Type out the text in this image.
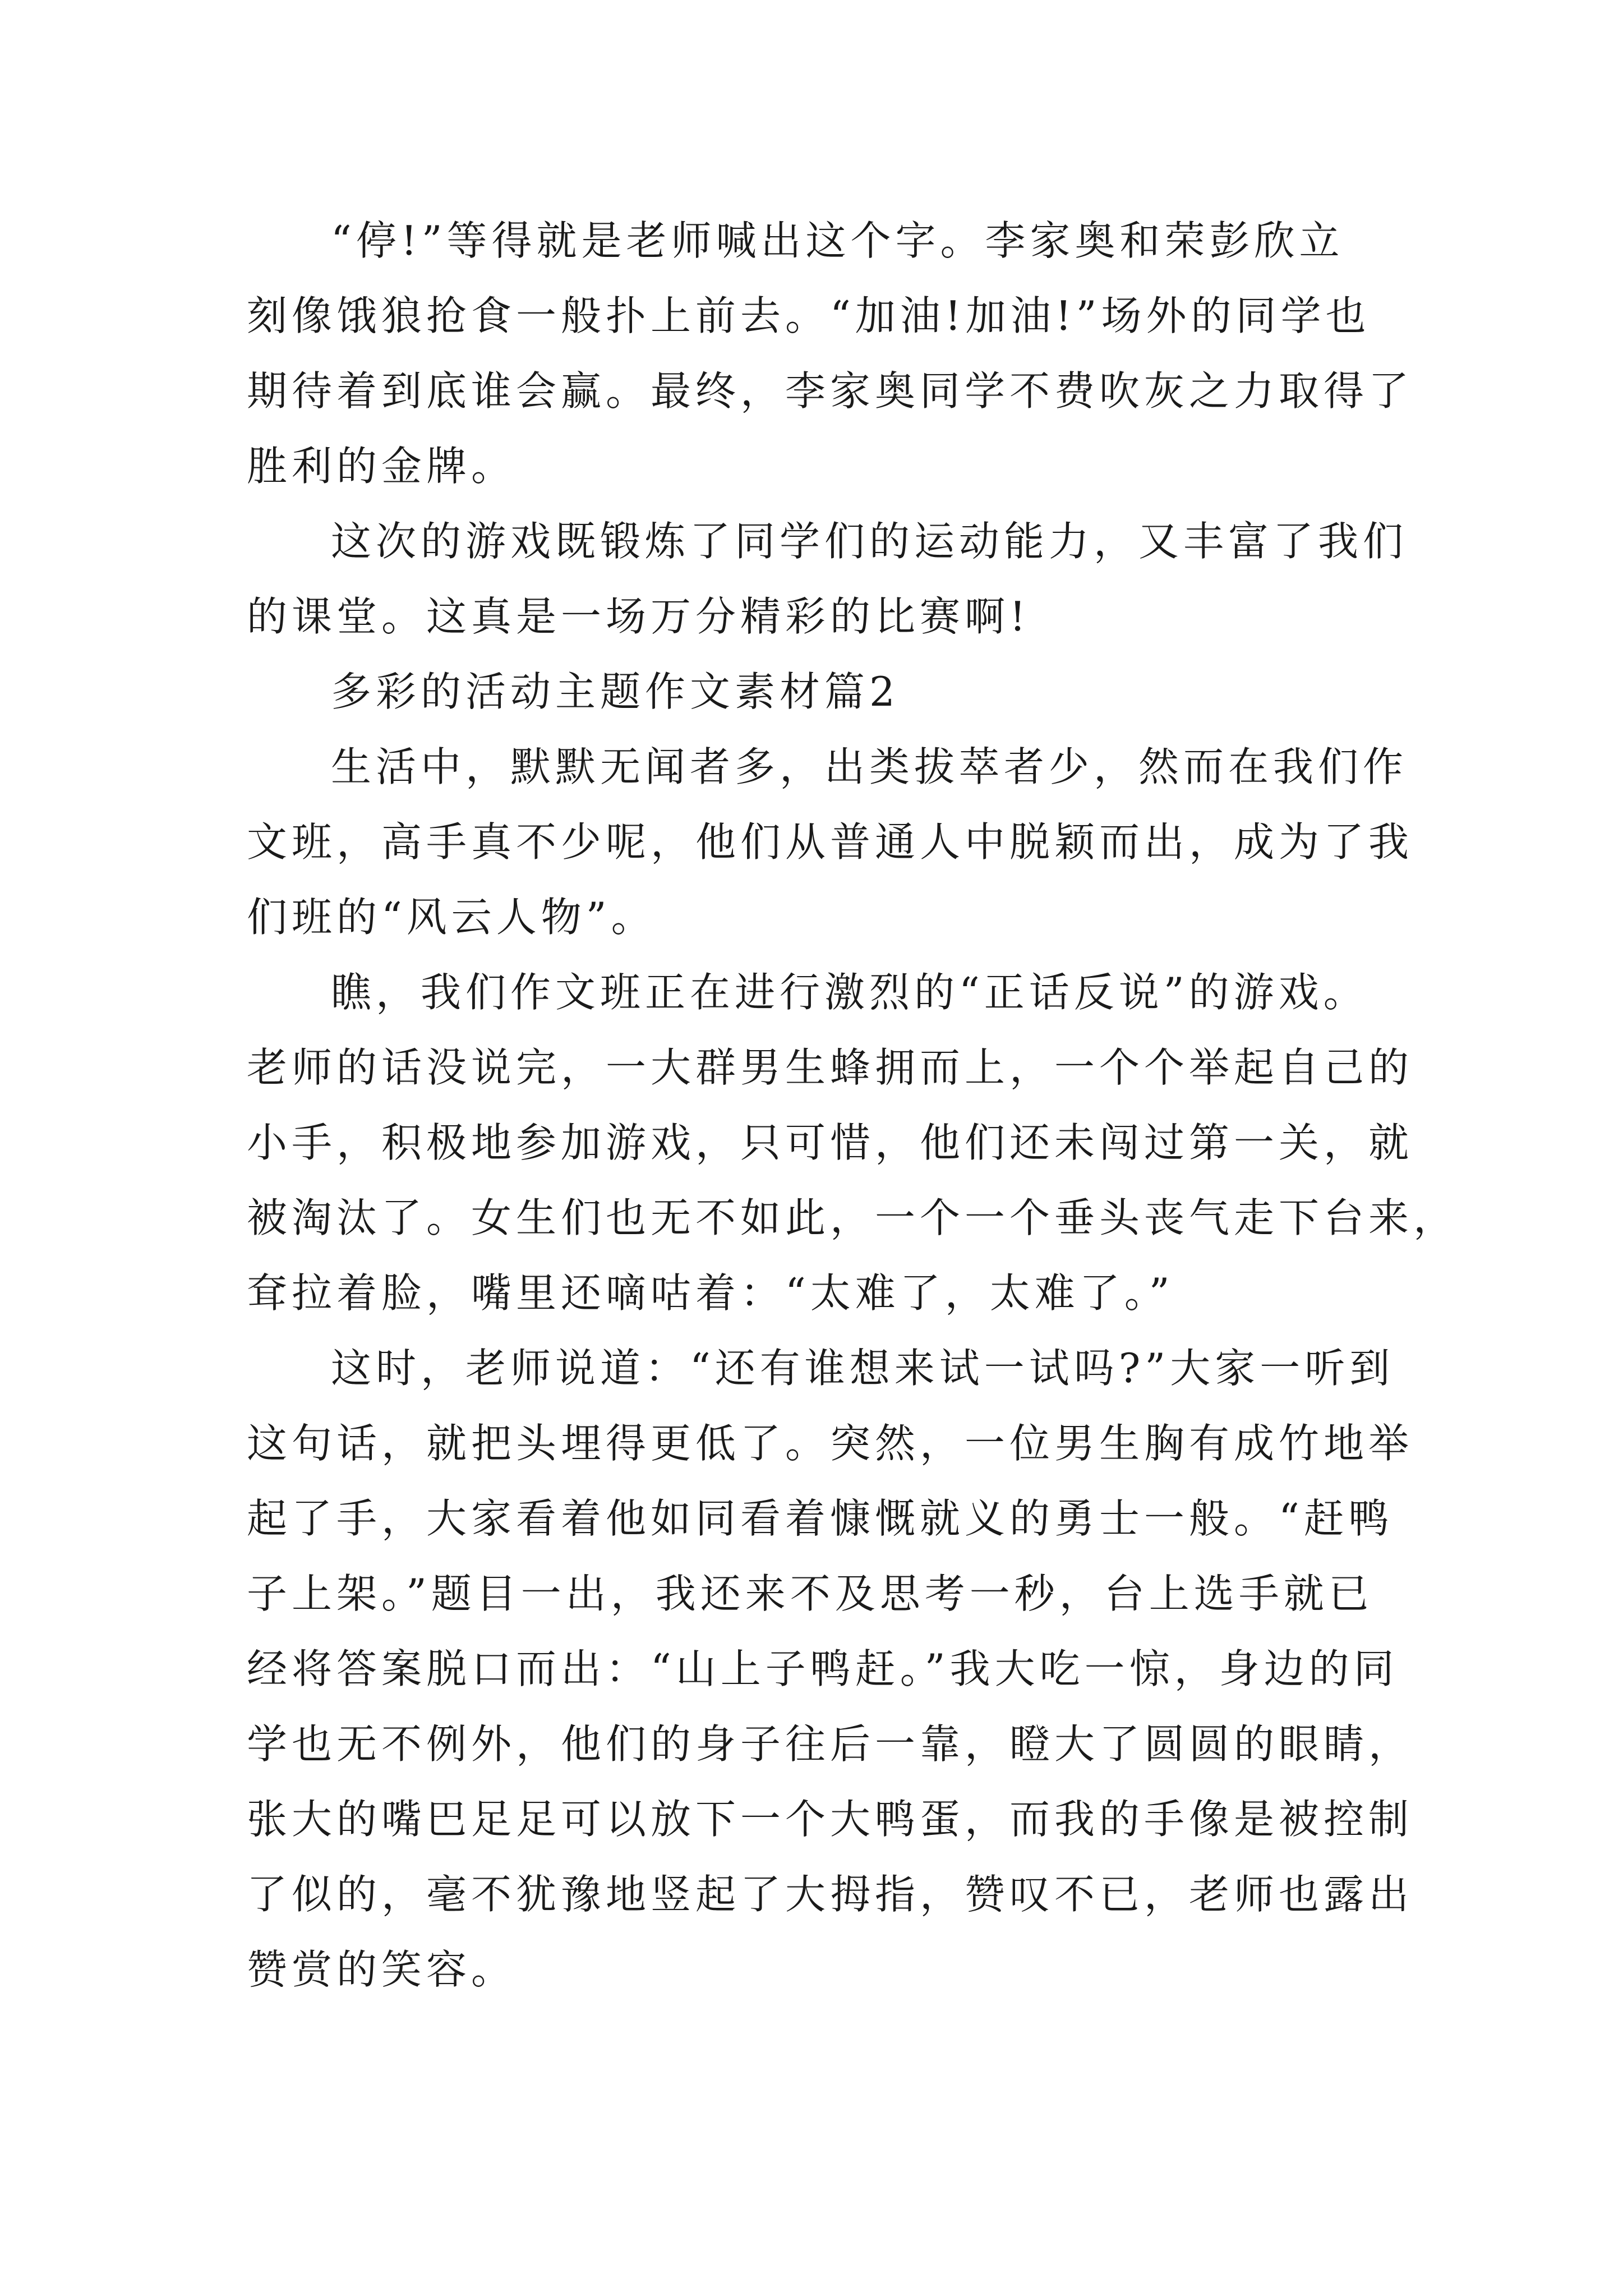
“停!”等得就是老师喊出这个字。李家奥和荣彭欣立
刻像饿狼抢食一般扑上前去。“加油!加油!”场外的同学也
期待着到底谁会赢。最终，李家奥同学不费吹灰之力取得了
胜利的金牌。
这次的游戏既锻炼了同学们的运动能力，又丰富了我们
的课堂。这真是一场万分精彩的比赛啊!
多彩的活动主题作文素材篇2
生活中，默默无闻者多，出类拔萃者少，然而在我们作
文班，高手真不少呢，他们从普通人中脱颖而出，成为了我
们班的“风云人物”。
瞧，我们作文班正在进行激烈的“正话反说”的游戏。
老师的话没说完，一大群男生蜂拥而上，一个个举起自己的
小手，积极地参加游戏，只可惜，他们还未闯过第一关，就
被淘汰了。女生们也无不如此，一个一个垂头丧气走下台来，
耷拉着脸，嘴里还嘀咕着：“太难了，太难了。”
这时，老师说道：“还有谁想来试一试吗?”大家一听到
这句话，就把头埋得更低了。突然，一位男生胸有成竹地举
起了手，大家看着他如同看着慷慨就义的勇士一般。“赶鸭
子上架。”题目一出，我还来不及思考一秒，台上选手就已
经将答案脱口而出：“山上子鸭赶。”我大吃一惊，身边的同
学也无不例外，他们的身子往后一靠，瞪大了圆圆的眼睛，
张大的嘴巴足足可以放下一个大鸭蛋，而我的手像是被控制
了似的，毫不犹豫地竖起了大拇指，赞叹不已，老师也露出
赞赏的笑容。
